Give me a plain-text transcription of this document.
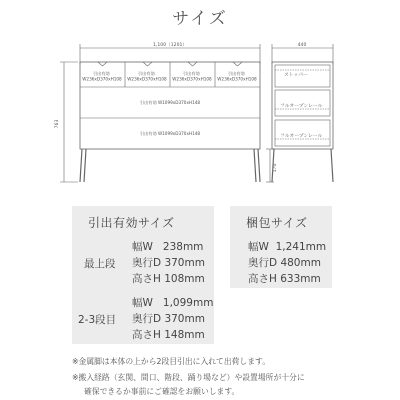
サイズ
1,100（1201）
763
170
引出有効 W236xD370xH108
引出有効 W236xD370xH108
引出有効 W236xD370xH108
引出有効 W236xD370xH108
引出有効 W1099xD370xH148
引出有効 W1099xD370xH148
440
ストッパー
フルオープンレール
フルオープンレール
引出有効サイズ
最上段
幅W 238mm
奥行D 370mm
高さH 108mm
2-3段目
幅W 1,099mm
奥行D 370mm
高さH 148mm
梱包サイズ
幅W 1,241mm
奥行D 480mm
高さH 633mm
※金属脚は本体の上から2段目引出に入れて出荷します。
※搬入経路（玄関、間口、階段、踊り場など）や設置場所が十分に
確保できるか事前にご確認をお願いします。
